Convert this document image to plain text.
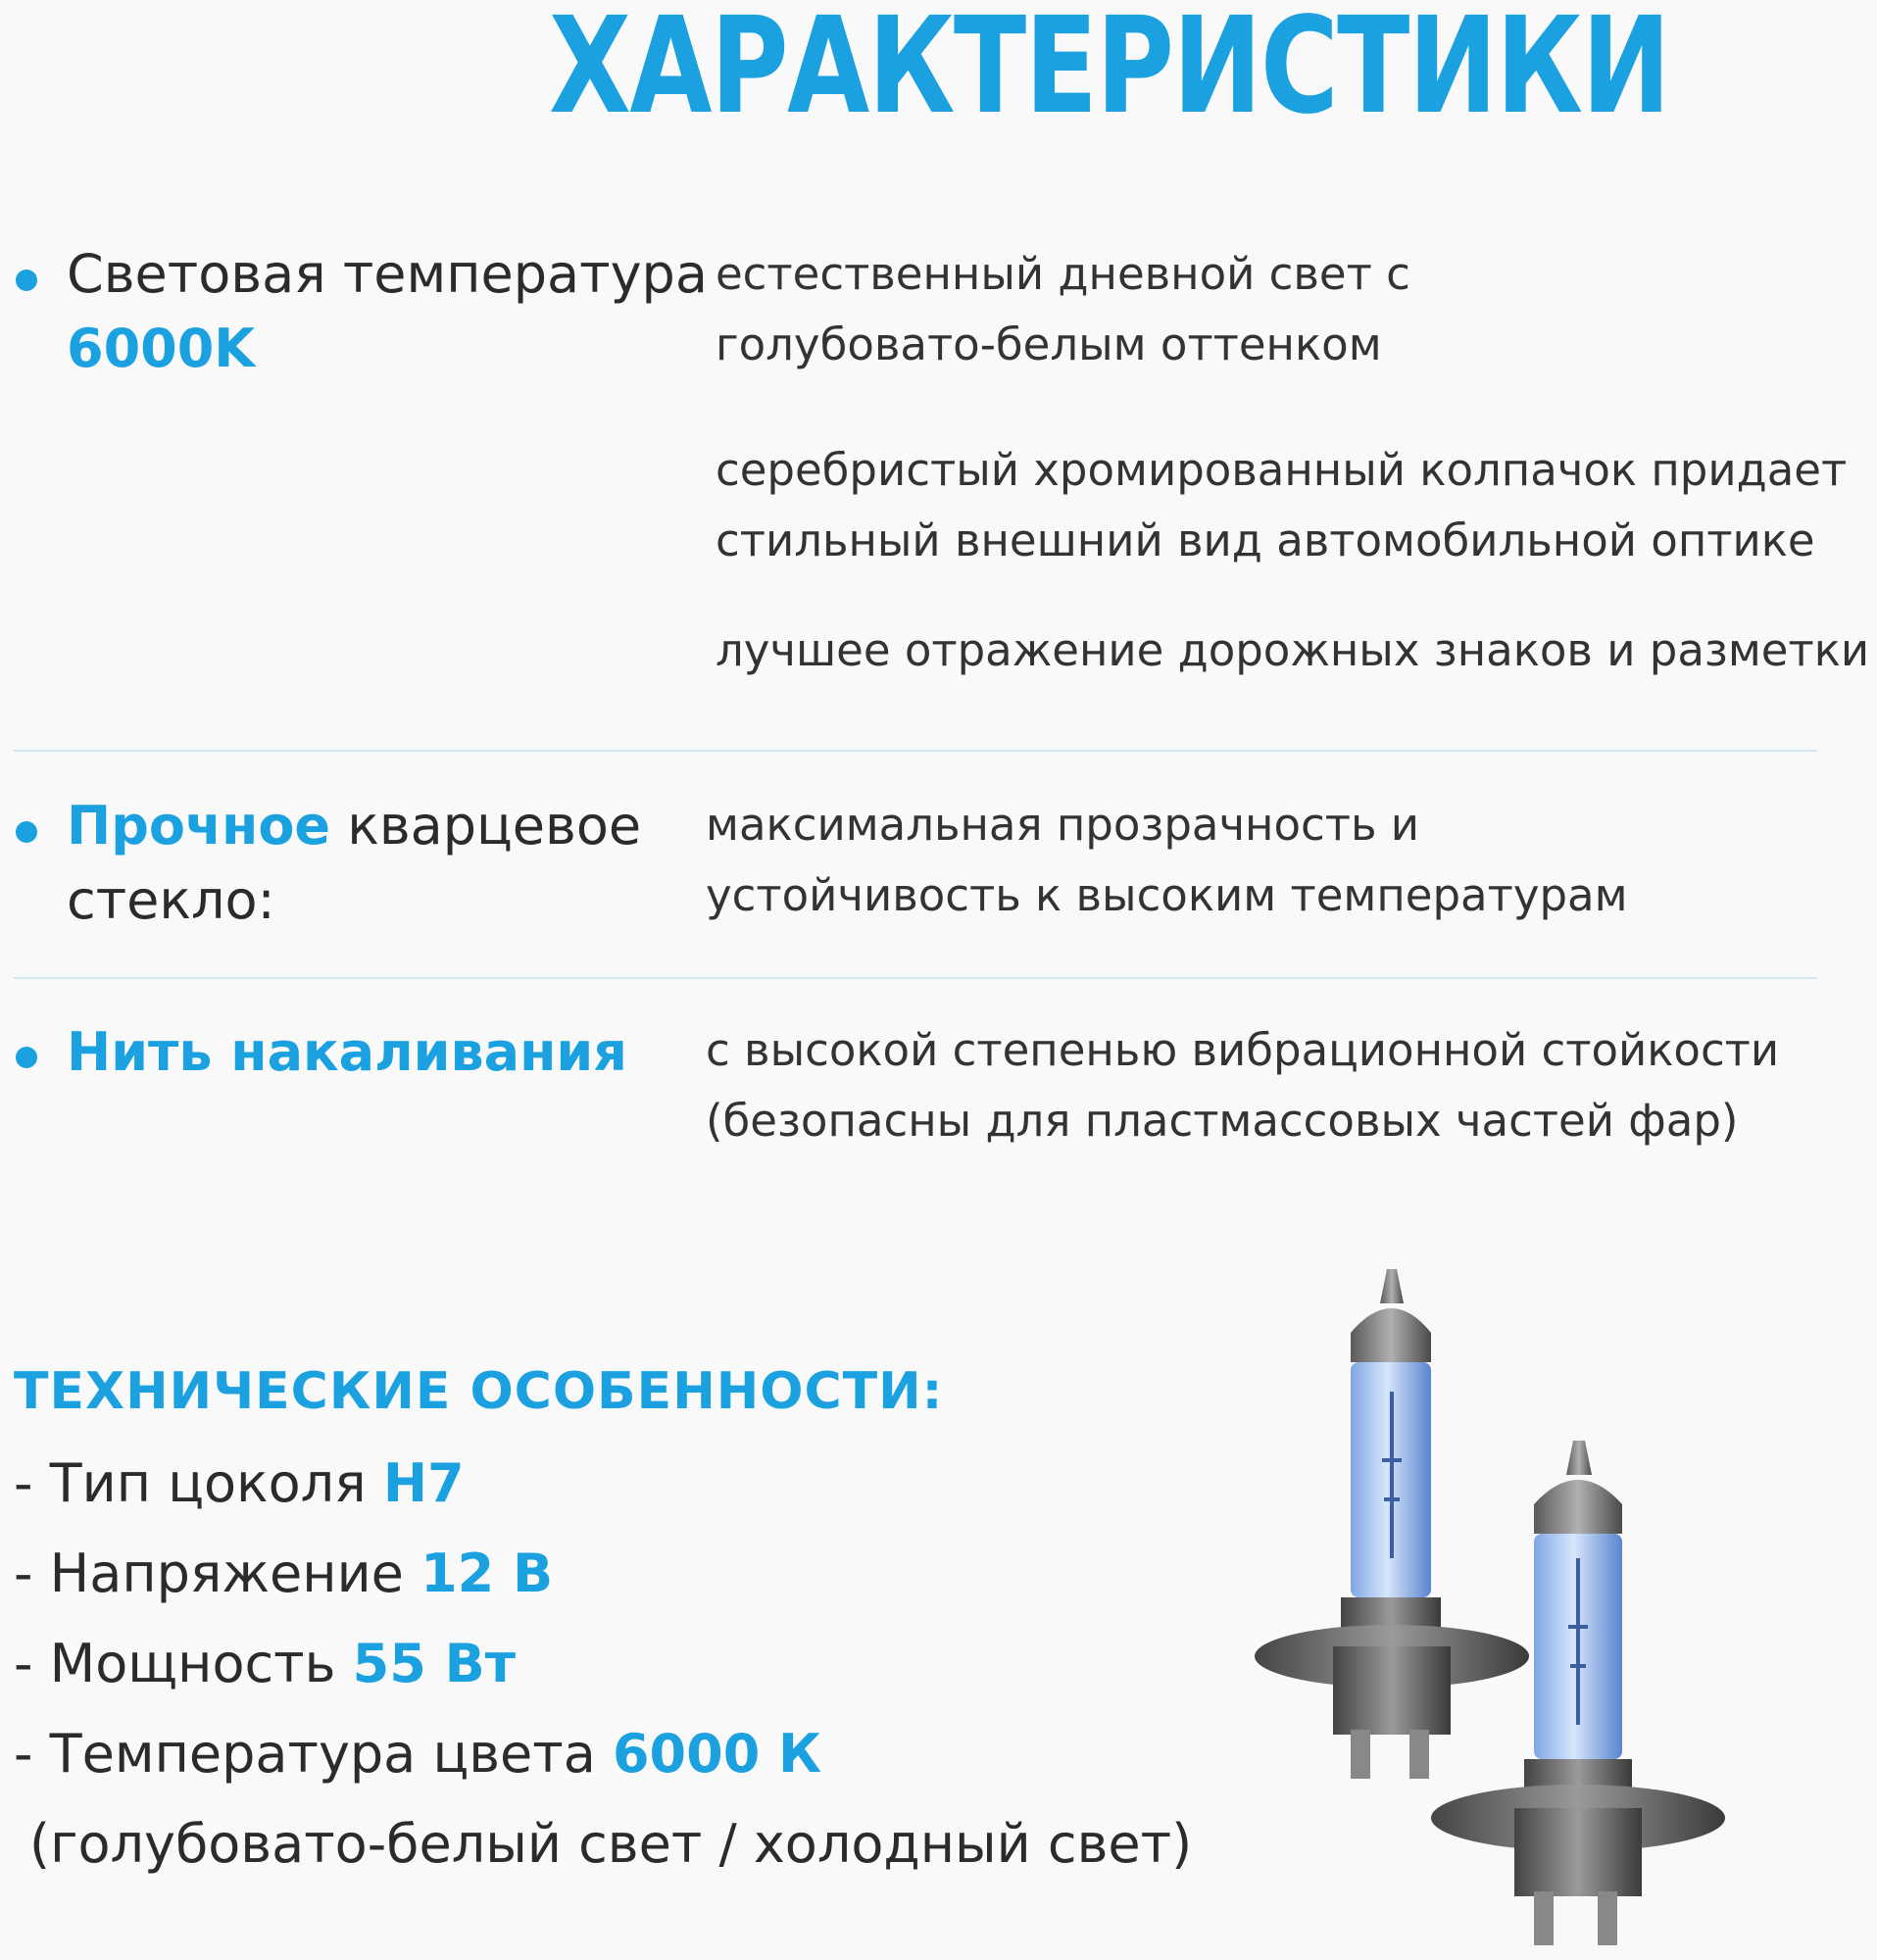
ХАРАКТЕРИСТИКИ
Световая температура
6000K
естественный дневной свет с
голубовато-белым оттенком
серебристый хромированный колпачок придает
стильный внешний вид автомобильной оптике
лучшее отражение дорожных знаков и разметки
Прочное кварцевое
стекло:
максимальная прозрачность и
устойчивость к высоким температурам
Нить накаливания с высокой степенью вибрационной стойкости
(безопасны для пластмассовых частей фар)
ТЕХНИЧЕСКИЕ ОСОБЕННОСТИ:
- Тип цоколя H7
- Напряжение 12 В
- Мощность 55 Вт
- Температура цвета 6000 К
(голубовато-белый свет / холодный свет)
